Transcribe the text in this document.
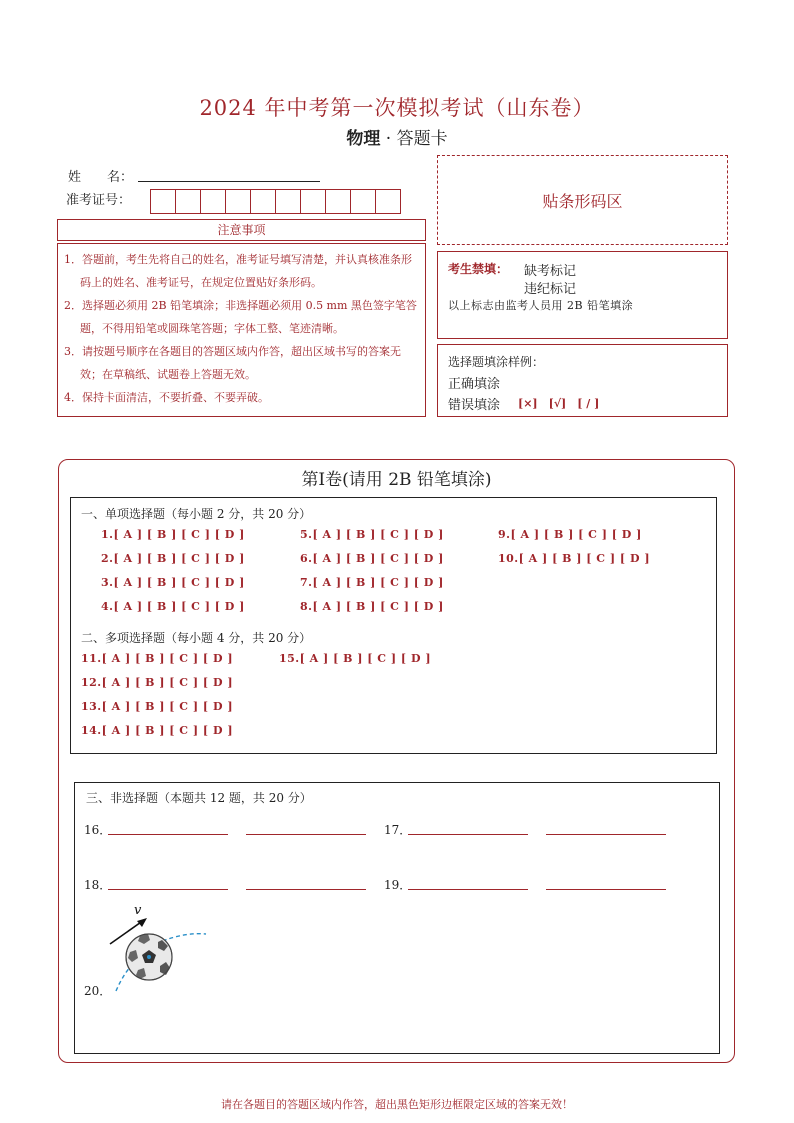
2024 年中考第一次模拟考试（山东卷）
物理 · 答题卡
姓　　名：
准考证号：	贴条形码区
注意事项
1．答题前，考生先将自己的姓名，准考证号填写清楚，并认真核准条形码上的姓名、准考证号，在规定位置贴好条形码。
2．选择题必须用 2B 铅笔填涂；非选择题必须用 0.5 mm 黑色签字笔答题，不得用铅笔或圆珠笔答题；字体工整、笔迹清晰。
3．请按题号顺序在各题目的答题区域内作答，超出区域书写的答案无效；在草稿纸、试题卷上答题无效。
4．保持卡面清洁，不要折叠、不要弄破。
考生禁填： 缺考标记
违纪标记
以上标志由监考人员用 2B 铅笔填涂
选择题填涂样例：
正确填涂
错误填涂 [×]　[√]　[ / ]
第Ⅰ卷(请用 2B 铅笔填涂)
一、单项选择题（每小题 2 分，共 20 分）
1.[ A ] [ B ] [ C ] [ D ]
2.[ A ] [ B ] [ C ] [ D ]
3.[ A ] [ B ] [ C ] [ D ]
4.[ A ] [ B ] [ C ] [ D ]
5.[ A ] [ B ] [ C ] [ D ]
6.[ A ] [ B ] [ C ] [ D ]
7.[ A ] [ B ] [ C ] [ D ]
8.[ A ] [ B ] [ C ] [ D ]
9.[ A ] [ B ] [ C ] [ D ]
10.[ A ] [ B ] [ C ] [ D ]
二、多项选择题（每小题 4 分，共 20 分）
11.[ A ] [ B ] [ C ] [ D ]
12.[ A ] [ B ] [ C ] [ D ]
13.[ A ] [ B ] [ C ] [ D ]
14.[ A ] [ B ] [ C ] [ D ]
15.[ A ] [ B ] [ C ] [ D ]
三、非选择题（本题共 12 题，共 20 分）
16．	17．
18．	19．
20．
v
请在各题目的答题区域内作答，超出黑色矩形边框限定区域的答案无效！
